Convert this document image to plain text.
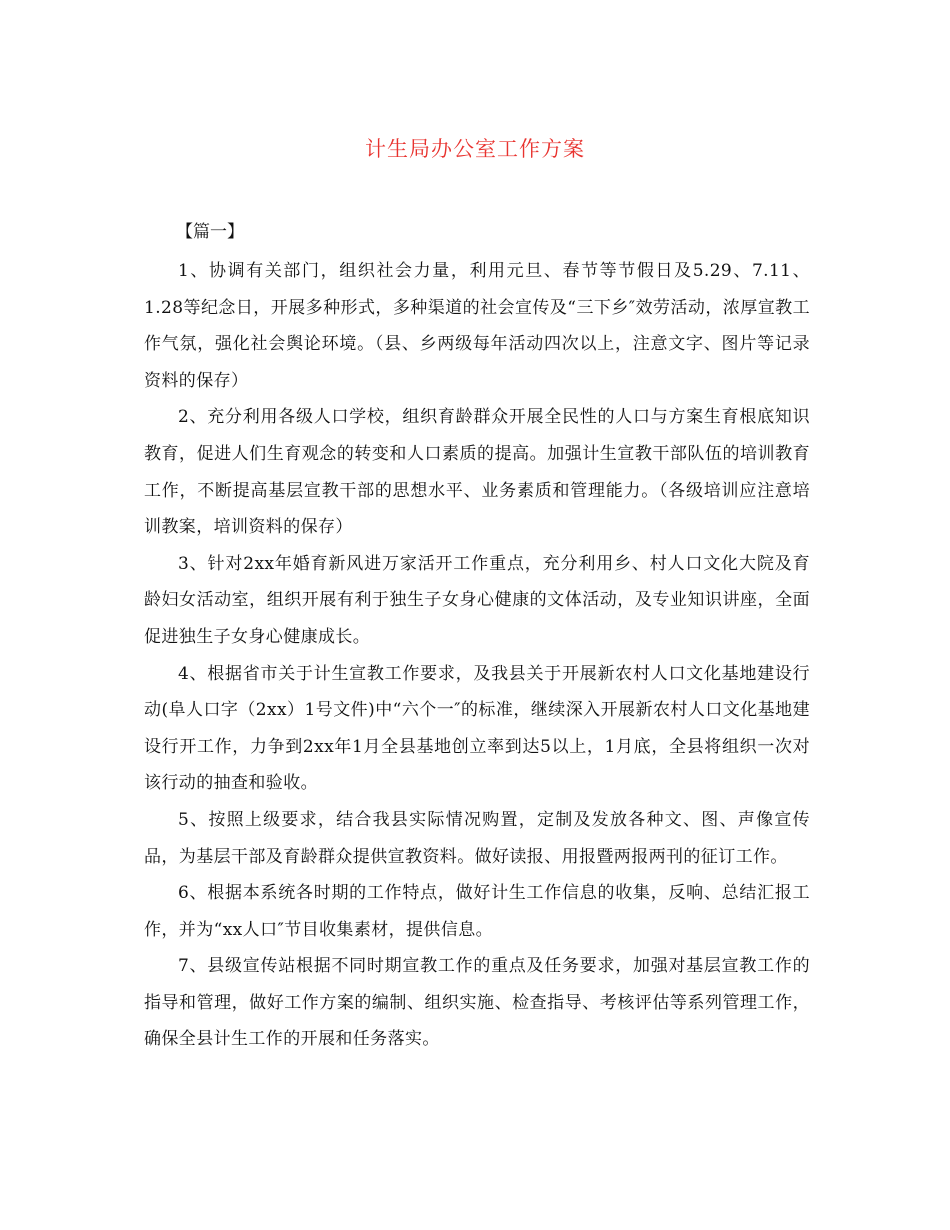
计生局办公室工作方案
【篇一】

1、协调有关部门，组织社会力量，利用元旦、春节等节假日及5.29、7.11、1.28等纪念日，开展多种形式，多种渠道的社会宣传及“三下乡″效劳活动，浓厚宣教工作气氛，强化社会舆论环境。（县、乡两级每年活动四次以上，注意文字、图片等记录资料的保存）

2、充分利用各级人口学校，组织育龄群众开展全民性的人口与方案生育根底知识教育，促进人们生育观念的转变和人口素质的提高。加强计生宣教干部队伍的培训教育工作，不断提高基层宣教干部的思想水平、业务素质和管理能力。（各级培训应注意培训教案，培训资料的保存）

3、针对2xx年婚育新风进万家活开工作重点，充分利用乡、村人口文化大院及育龄妇女活动室，组织开展有利于独生子女身心健康的文体活动，及专业知识讲座，全面促进独生子女身心健康成长。

4、根据省市关于计生宣教工作要求，及我县关于开展新农村人口文化基地建设行动(阜人口字（2xx）1号文件)中“六个一″的标准，继续深入开展新农村人口文化基地建设行开工作，力争到2xx年1月全县基地创立率到达5以上，1月底，全县将组织一次对该行动的抽查和验收。

5、按照上级要求，结合我县实际情况购置，定制及发放各种文、图、声像宣传品，为基层干部及育龄群众提供宣教资料。做好读报、用报暨两报两刊的征订工作。

6、根据本系统各时期的工作特点，做好计生工作信息的收集，反响、总结汇报工作，并为“xx人口″节目收集素材，提供信息。

7、县级宣传站根据不同时期宣教工作的重点及任务要求，加强对基层宣教工作的指导和管理，做好工作方案的编制、组织实施、检查指导、考核评估等系列管理工作，确保全县计生工作的开展和任务落实。
